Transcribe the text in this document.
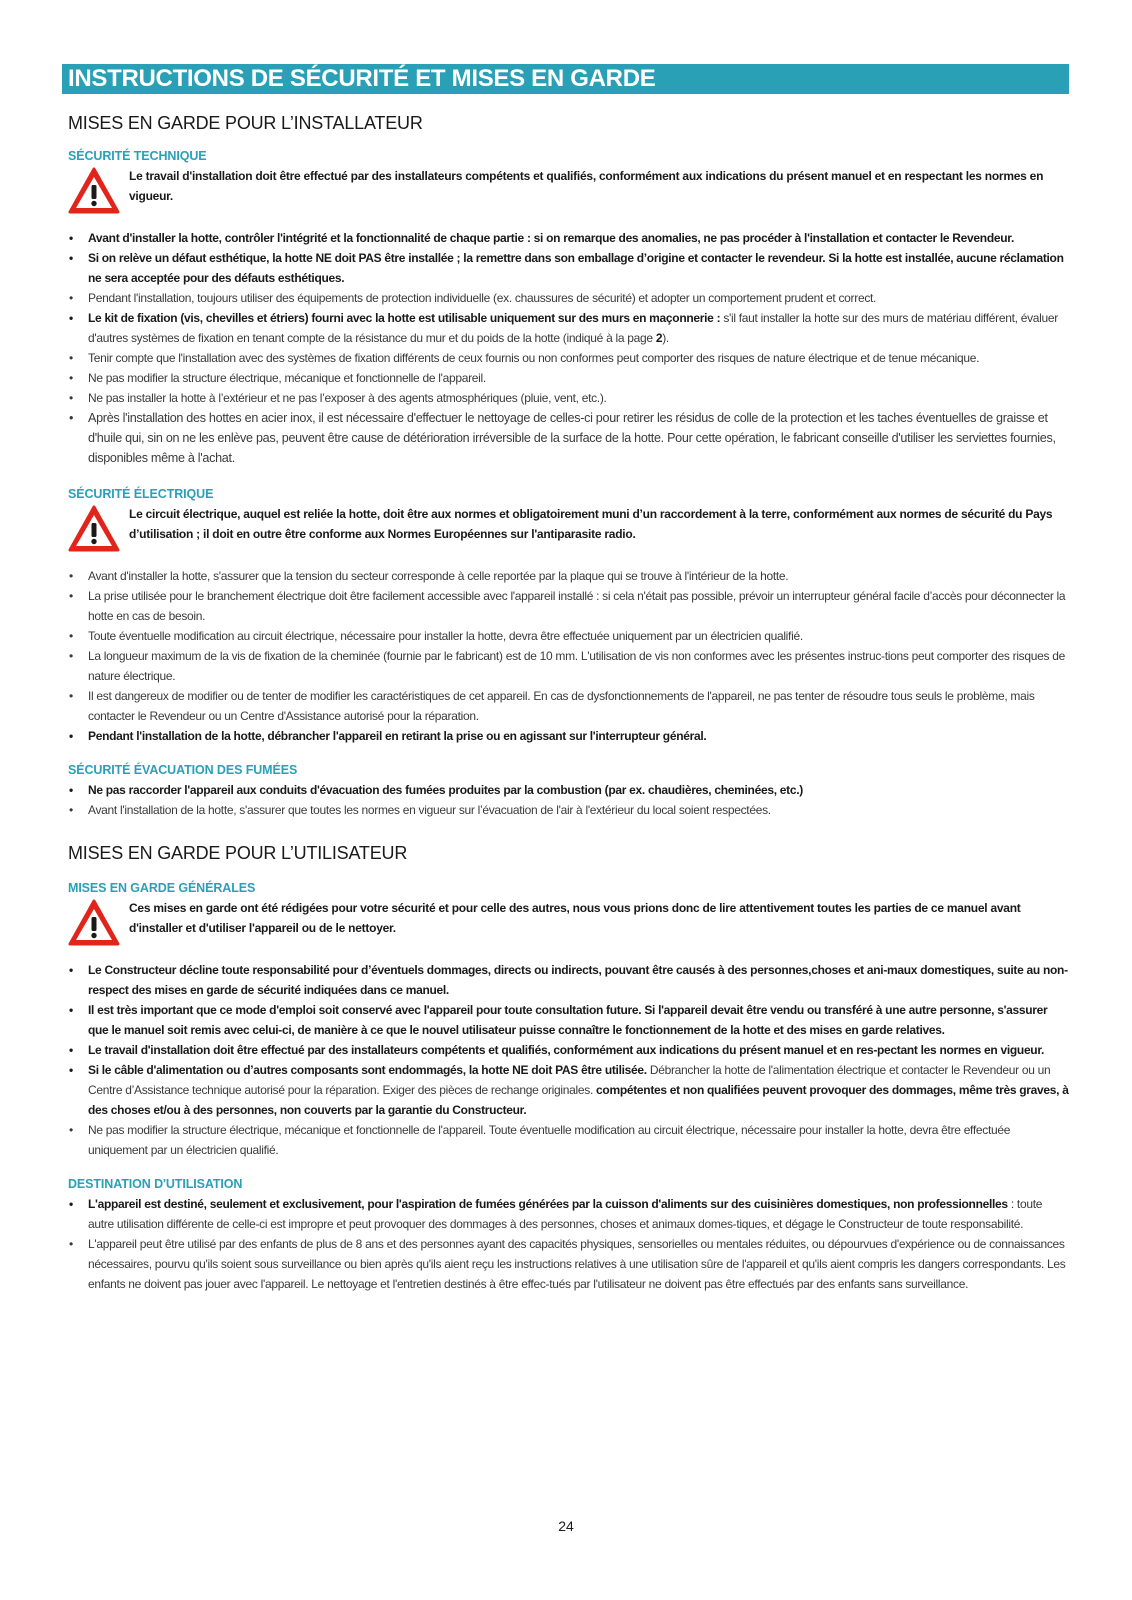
INSTRUCTIONS DE SÉCURITÉ ET MISES EN GARDE
MISES EN GARDE POUR L’INSTALLATEUR
SÉCURITÉ TECHNIQUE

Le travail d'installation doit être effectué par des installateurs compétents et qualifiés, conformément aux indications du présent manuel et en respectant les normes en vigueur.

• Avant d'installer la hotte, contrôler l'intégrité et la fonctionnalité de chaque partie : si on remarque des anomalies, ne pas procéder à l'installation et contacter le Revendeur.
• Si on relève un défaut esthétique, la hotte NE doit PAS être installée ; la remettre dans son emballage d’origine et contacter le revendeur. Si la hotte est installée, aucune réclamation ne sera acceptée pour des défauts esthétiques.
• Pendant l'installation, toujours utiliser des équipements de protection individuelle (ex. chaussures de sécurité) et adopter un comportement prudent et correct.
• Le kit de fixation (vis, chevilles et étriers) fourni avec la hotte est utilisable uniquement sur des murs en maçonnerie : s'il faut installer la hotte sur des murs de matériau différent, évaluer d'autres systèmes de fixation en tenant compte de la résistance du mur et du poids de la hotte (indiqué à la page 2).
• Tenir compte que l'installation avec des systèmes de fixation différents de ceux fournis ou non conformes peut comporter des risques de nature électrique et de tenue mécanique.
• Ne pas modifier la structure électrique, mécanique et fonctionnelle de l'appareil.
• Ne pas installer la hotte à l’extérieur et ne pas l’exposer à des agents atmosphériques (pluie, vent, etc.).
• Après l'installation des hottes en acier inox, il est nécessaire d'effectuer le nettoyage de celles-ci pour retirer les résidus de colle de la protection et les taches éventuelles de graisse et d'huile qui, sin on ne les enlève pas, peuvent être cause de détérioration irréversible de la surface de la hotte. Pour cette opération, le fabricant conseille d'utiliser les serviettes fournies, disponibles même à l'achat.
SÉCURITÉ ÉLECTRIQUE

Le circuit électrique, auquel est reliée la hotte, doit être aux normes et obligatoirement muni d’un raccordement à la terre, conformément aux normes de sécurité du Pays d’utilisation ; il doit en outre être conforme aux Normes Européennes sur l'antiparasite radio.

• Avant d'installer la hotte, s'assurer que la tension du secteur corresponde à celle reportée par la plaque qui se trouve à l'intérieur de la hotte.
• La prise utilisée pour le branchement électrique doit être facilement accessible avec l'appareil installé : si cela n'était pas possible, prévoir un interrupteur général facile d’accès pour déconnecter la hotte en cas de besoin.
• Toute éventuelle modification au circuit électrique, nécessaire pour installer la hotte, devra être effectuée uniquement par un électricien qualifié.
• La longueur maximum de la vis de fixation de la cheminée (fournie par le fabricant) est de 10 mm. L'utilisation de vis non conformes avec les présentes instruc-tions peut comporter des risques de nature électrique.
• Il est dangereux de modifier ou de tenter de modifier les caractéristiques de cet appareil. En cas de dysfonctionnements de l'appareil, ne pas tenter de résoudre tous seuls le problème, mais contacter le Revendeur ou un Centre d'Assistance autorisé pour la réparation.
• Pendant l'installation de la hotte, débrancher l'appareil en retirant la prise ou en agissant sur l'interrupteur général.
SÉCURITÉ ÉVACUATION DES FUMÉES
• Ne pas raccorder l'appareil aux conduits d'évacuation des fumées produites par la combustion (par ex. chaudières, cheminées, etc.)
• Avant l'installation de la hotte, s'assurer que toutes les normes en vigueur sur l’évacuation de l'air à l'extérieur du local soient respectées.
MISES EN GARDE POUR L’UTILISATEUR
MISES EN GARDE GÉNÉRALES

Ces mises en garde ont été rédigées pour votre sécurité et pour celle des autres, nous vous prions donc de lire attentivement toutes les parties de ce manuel avant d'installer et d'utiliser l'appareil ou de le nettoyer.

• Le Constructeur décline toute responsabilité pour d’éventuels dommages, directs ou indirects, pouvant être causés à des personnes,choses et ani-maux domestiques, suite au non-respect des mises en garde de sécurité indiquées dans ce manuel.
• Il est très important que ce mode d'emploi soit conservé avec l'appareil pour toute consultation future. Si l'appareil devait être vendu ou transféré à une autre personne, s'assurer que le manuel soit remis avec celui-ci, de manière à ce que le nouvel utilisateur puisse connaître le fonctionnement de la hotte et des mises en garde relatives.
• Le travail d'installation doit être effectué par des installateurs compétents et qualifiés, conformément aux indications du présent manuel et en res-pectant les normes en vigueur.
• Si le câble d'alimentation ou d’autres composants sont endommagés, la hotte NE doit PAS être utilisée. Débrancher la hotte de l'alimentation électrique et contacter le Revendeur ou un Centre d’Assistance technique autorisé pour la réparation. Exiger des pièces de rechange originales. compétentes et non qualifiées peuvent provoquer des dommages, même très graves, à des choses et/ou à des personnes, non couverts par la garantie du Constructeur.
• Ne pas modifier la structure électrique, mécanique et fonctionnelle de l'appareil. Toute éventuelle modification au circuit électrique, nécessaire pour installer la hotte, devra être effectuée uniquement par un électricien qualifié.
DESTINATION D'UTILISATION
• L'appareil est destiné, seulement et exclusivement, pour l'aspiration de fumées générées par la cuisson d'aliments sur des cuisinières domestiques, non professionnelles : toute autre utilisation différente de celle-ci est impropre et peut provoquer des dommages à des personnes, choses et animaux domes-tiques, et dégage le Constructeur de toute responsabilité.
• L'appareil peut être utilisé par des enfants de plus de 8 ans et des personnes ayant des capacités physiques, sensorielles ou mentales réduites, ou dépourvues d'expérience ou de connaissances nécessaires, pourvu qu'ils soient sous surveillance ou bien après qu'ils aient reçu les instructions relatives à une utilisation sûre de l'appareil et qu'ils aient compris les dangers correspondants. Les enfants ne doivent pas jouer avec l'appareil. Le nettoyage et l'entretien destinés à être effec-tués par l'utilisateur ne doivent pas être effectués par des enfants sans surveillance.
24
